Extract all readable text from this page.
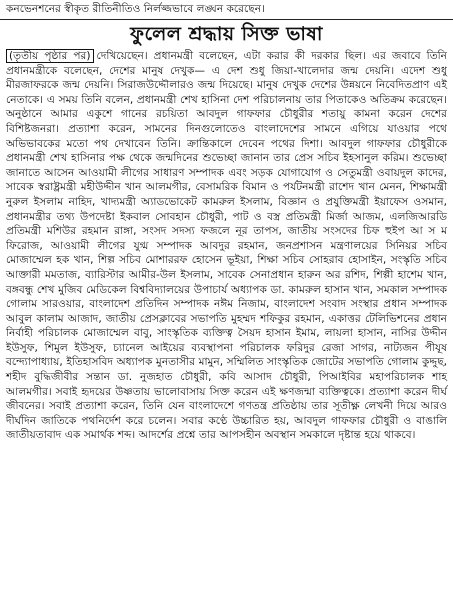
কনভেনশনের স্বীকৃত রীতিনীতিও নির্লজ্জভাবে লঙ্ঘন করেছেন।
ফুলেল শ্রদ্ধায় সিক্ত ভাষা

(তৃতীয় পৃষ্ঠার পর) দেখিয়েছেন। প্রধানমন্ত্রী বলেছেন, এটা করার কী দরকার ছিল। এর জবাবে তিনি প্রধানমন্ত্রীকে বলেছেন, দেশের মানুষ দেখুক— এ দেশ শুধু জিয়া-খালেদার জন্ম দেয়নি। এদেশ শুধু মীরজাফরকে জন্ম দেয়নি। সিরাজউদ্দৌলারও জন্ম দিয়েছে। মানুষ দেখুক দেশের উন্নয়নে নিবেদিতপ্রাণ এই নেতাকে। এ সময় তিনি বলেন, প্রধানমন্ত্রী শেখ হাসিনা দেশ পরিচালনায় তার পিতাকেও অতিক্রম করেছেন। অনুষ্ঠানে আমার একুশে গানের রচয়িতা আবদুল গাফফার চৌধুরীর শতায়ু কামনা করেন দেশের বিশিষ্টজনরা। প্রত্যাশা করেন, সামনের দিনগুলোতেও বাংলাদেশের সামনে এগিয়ে যাওয়ার পথে অভিভাবকের মতো পথ দেখাবেন তিনি। ক্রান্তিকালে দেবেন পথের দিশা। আবদুল গাফফার চৌধুরীকে প্রধানমন্ত্রী শেখ হাসিনার পক্ষ থেকে জন্মদিনের শুভেচ্ছা জানান তার প্রেস সচিব ইহসানুল করিম। শুভেচ্ছা জানাতে আসেন আওয়ামী লীগের সাধারণ সম্পাদক এবং সড়ক যোগাযোগ ও সেতুমন্ত্রী ওবায়দুল কাদের, সাবেক স্বরাষ্ট্রমন্ত্রী মহীউদ্দীন খান আলমগীর, বেসামরিক বিমান ও পর্যটনমন্ত্রী রাশেদ খান মেনন, শিক্ষামন্ত্রী নুরুল ইসলাম নাহিদ, খাদ্যমন্ত্রী অ্যাডভোকেট কামরুল ইসলাম, বিজ্ঞান ও প্রযুক্তিমন্ত্রী ইয়াফেস ওসমান, প্রধানমন্ত্রীর তথ্য উপদেষ্টা ইকবাল সোবহান চৌধুরী, পাট ও বস্ত্র প্রতিমন্ত্রী মির্জা আজম, এলজিআরডি প্রতিমন্ত্রী মশিউর রহমান রাঙ্গা, সংসদ সদস্য ফজলে নূর তাপস, জাতীয় সংসদের চিফ হুইপ আ স ম ফিরোজ, আওয়ামী লীগের যুগ্ম সম্পাদক আবদুর রহমান, জনপ্রশাসন মন্ত্রণালয়ের সিনিয়র সচিব মোজাম্মেল হক খান, শিল্প সচিব মোশাররফ হোসেন ভূইয়া, শিক্ষা সচিব সোহরাব হোসাইন, সংস্কৃতি সচিব আক্তারী মমতাজ, ব্যারিস্টার আমীর-উল ইসলাম, সাবেক সেনাপ্রধান হারুন অর রশিদ, শিল্পী হাশেম খান, বঙ্গবন্ধু শেখ মুজিব মেডিকেল বিশ্ববিদ্যালয়ের উপাচার্য অধ্যাপক ডা. কামরুল হাসান খান, সমকাল সম্পাদক গোলাম সারওয়ার, বাংলাদেশ প্রতিদিন সম্পাদক নঈম নিজাম, বাংলাদেশ সংবাদ সংস্থার প্রধান সম্পাদক আবুল কালাম আজাদ, জাতীয় প্রেসক্লাবের সভাপতি মুহম্মদ শফিকুর রহমান, একাত্তর টেলিভিশনের প্রধান নির্বাহী পরিচালক মোজাম্মেল বাবু, সাংস্কৃতিক ব্যক্তিত্ব সৈয়দ হাসান ইমাম, লায়লা হাসান, নাসির উদ্দীন ইউসুফ, শিমুল ইউসুফ, চ্যানেল আইয়ের ব্যবস্থাপনা পরিচালক ফরিদুর রেজা সাগর, নাট্যজন পীযূষ বন্দ্যোপাধ্যায়, ইতিহাসবিদ অধ্যাপক মুনতাসীর মামুন, সম্মিলিত সাংস্কৃতিক জোটের সভাপতি গোলাম কুদ্দুছ, শহীদ বুদ্ধিজীবীর সন্তান ডা. নুজহাত চৌধুরী, কবি আসাদ চৌধুরী, পিআইবির মহাপরিচালক শাহ আলমগীর। সবাই হৃদয়ের উষ্ণতায় ভালোবাসায় সিক্ত করেন এই ক্ষণজন্মা ব্যক্তিত্বকে। প্রত্যাশা করেন দীর্ঘ জীবনের। সবাই প্রত্যাশা করেন, তিনি যেন বাংলাদেশে গণতন্ত্র প্রতিষ্ঠায় তার সূতীক্ষ্ণ লেখনী দিয়ে আরও দীর্ঘদিন জাতিকে পথনির্দেশ করে চলেন। সবার কণ্ঠে উচ্চারিত হয়, আবদুল গাফফার চৌধুরী ও বাঙালি জাতীয়তাবাদ এক সমার্থক শব্দ। আদর্শের প্রশ্নে তার আপসহীন অবস্থান সমকালে দৃষ্টান্ত হয়ে থাকবে।
